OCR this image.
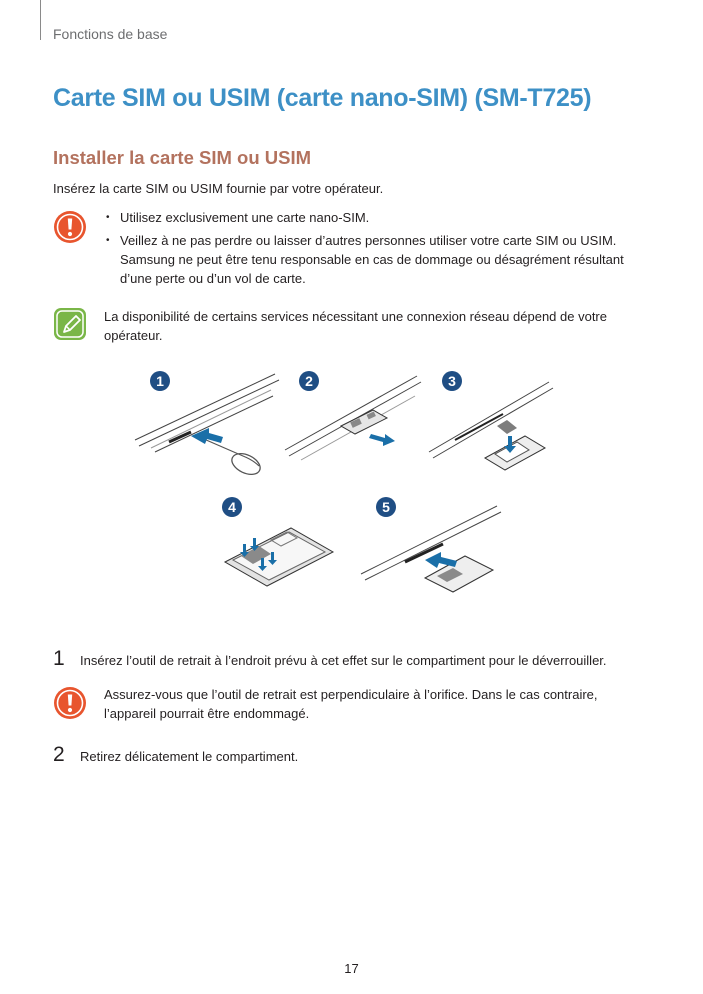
Fonctions de base
Carte SIM ou USIM (carte nano-SIM) (SM-T725)
Installer la carte SIM ou USIM
Insérez la carte SIM ou USIM fournie par votre opérateur.
• Utilisez exclusivement une carte nano-SIM.
• Veillez à ne pas perdre ou laisser d’autres personnes utiliser votre carte SIM ou USIM. Samsung ne peut être tenu responsable en cas de dommage ou désagrément résultant d’une perte ou d’un vol de carte.
La disponibilité de certains services nécessitant une connexion réseau dépend de votre opérateur.
1	2	3
4	5
1 Insérez l’outil de retrait à l’endroit prévu à cet effet sur le compartiment pour le déverrouiller.
Assurez-vous que l’outil de retrait est perpendiculaire à l’orifice. Dans le cas contraire, l’appareil pourrait être endommagé.
2 Retirez délicatement le compartiment.
17
